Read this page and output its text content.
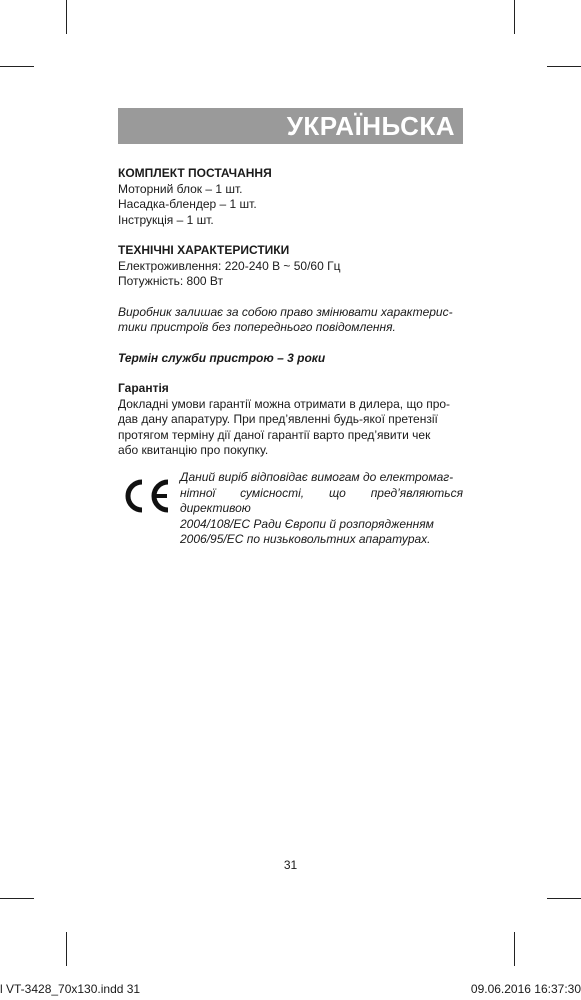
УКРАЇНЬСКА
КОМПЛЕКТ ПОСТАЧАННЯ
Моторний блок – 1 шт.
Насадка-блендер – 1 шт.
Інструкція – 1 шт.
ТЕХНІЧНІ ХАРАКТЕРИСТИКИ
Електроживлення: 220-240 В ~ 50/60 Гц
Потужність: 800 Вт
Виробник залишає за собою право змінювати характерис-
тики пристроїв без попереднього повідомлення.
Термін служби пристрою – 3 роки
Гарантія
Докладні умови гарантії можна отримати в дилера, що про-
дав дану апаратуру. При пред’явленні будь-якої претензії
протягом терміну дії даної гарантії варто пред’явити чек
або квитанцію про покупку.
Даний виріб відповідає вимогам до електромаг-
нітної сумісності, що пред’являються директивою
2004/108/ЕС Ради Європи й розпорядженням
2006/95/ЕС по низьковольтних апаратурах.
31
l VT-3428_70x130.indd 31	09.06.2016 16:37:30
